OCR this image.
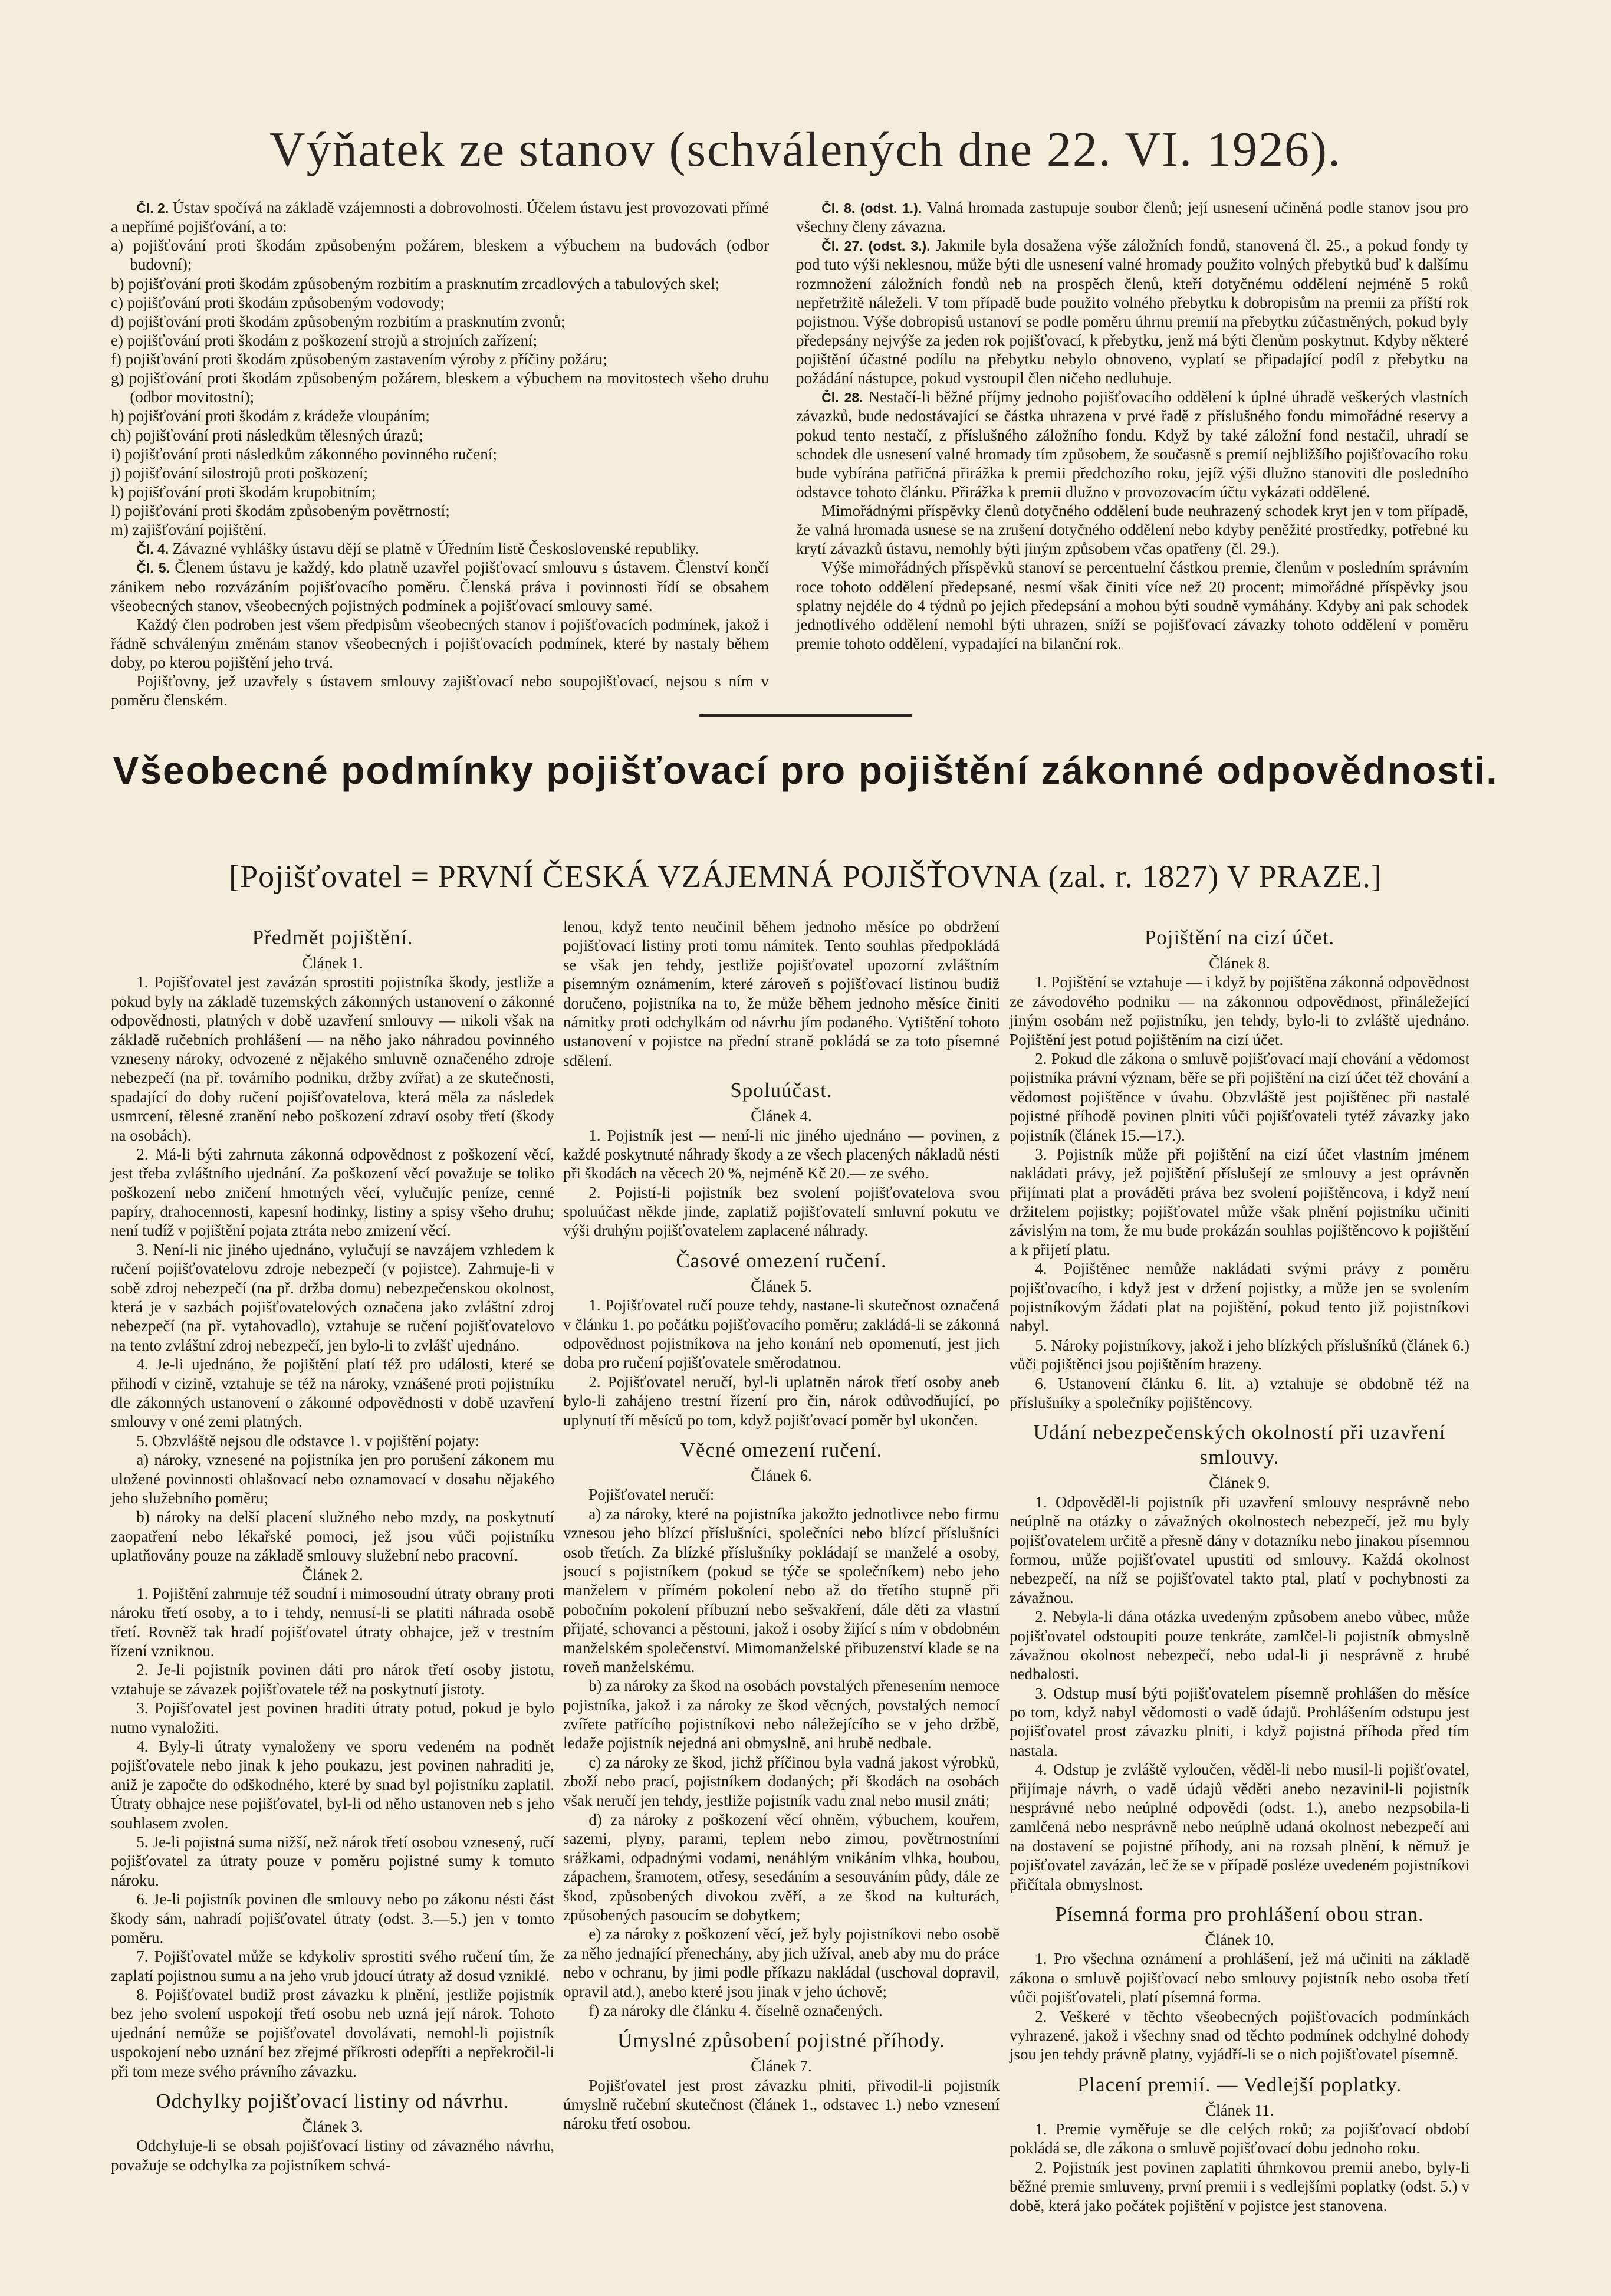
Výňatek ze stanov (schválených dne 22. VI. 1926).

Čl. 2. Ústav spočívá na základě vzájemnosti a dobrovolnosti. Účelem ústavu jest provozovati přímé a nepřímé pojišťování, a to:

a) pojišťování proti škodám způsobeným požárem, bleskem a výbuchem na budovách (odbor budovní);

b) pojišťování proti škodám způsobeným rozbitím a prasknutím zrcadlových a tabulových skel;

c) pojišťování proti škodám způsobeným vodovody;

d) pojišťování proti škodám způsobeným rozbitím a prasknutím zvonů;

e) pojišťování proti škodám z poškození strojů a strojních zařízení;

f) pojišťování proti škodám způsobeným zastavením výroby z příčiny požáru;

g) pojišťování proti škodám způsobeným požárem, bleskem a výbuchem na movitostech všeho druhu (odbor movitostní);

h) pojišťování proti škodám z krádeže vloupáním;

ch) pojišťování proti následkům tělesných úrazů;

i) pojišťování proti následkům zákonného povinného ručení;

j) pojišťování silostrojů proti poškození;

k) pojišťování proti škodám krupobitním;

l) pojišťování proti škodám způsobeným povětrností;

m) zajišťování pojištění.

Čl. 4. Závazné vyhlášky ústavu dějí se platně v Úředním listě Československé republiky.

Čl. 5. Členem ústavu je každý, kdo platně uzavřel pojišťovací smlouvu s ústavem. Členství končí zánikem nebo rozvázáním pojišťovacího poměru. Členská práva i povinnosti řídí se obsahem všeobecných stanov, všeobecných pojistných podmínek a pojišťovací smlouvy samé.

Každý člen podroben jest všem předpisům všeobecných stanov i pojišťovacích podmínek, jakož i řádně schváleným změnám stanov všeobecných i pojišťovacích podmínek, které by nastaly během doby, po kterou pojištění jeho trvá.

Pojišťovny, jež uzavřely s ústavem smlouvy zajišťovací nebo soupojišťovací, nejsou s ním v poměru členském.

Čl. 8. (odst. 1.). Valná hromada zastupuje soubor členů; její usnesení učiněná podle stanov jsou pro všechny členy závazna.

Čl. 27. (odst. 3.). Jakmile byla dosažena výše záložních fondů, stanovená čl. 25., a pokud fondy ty pod tuto výši neklesnou, může býti dle usnesení valné hromady použito volných přebytků buď k dalšímu rozmnožení záložních fondů neb na prospěch členů, kteří dotyčnému oddělení nejméně 5 roků nepřetržitě náleželi. V tom případě bude použito volného přebytku k dobropisům na premii za příští rok pojistnou. Výše dobropisů ustanoví se podle poměru úhrnu premií na přebytku zúčastněných, pokud byly předepsány nejvýše za jeden rok pojišťovací, k přebytku, jenž má býti členům poskytnut. Kdyby některé pojištění účastné podílu na přebytku nebylo obnoveno, vyplatí se připadající podíl z přebytku na požádání nástupce, pokud vystoupil člen ničeho nedluhuje.

Čl. 28. Nestačí-li běžné příjmy jednoho pojišťovacího oddělení k úplné úhradě veškerých vlastních závazků, bude nedostávající se částka uhrazena v prvé řadě z příslušného fondu mimořádné reservy a pokud tento nestačí, z příslušného záložního fondu. Když by také záložní fond nestačil, uhradí se schodek dle usnesení valné hromady tím způsobem, že současně s premií nejbližšího pojišťovacího roku bude vybírána patřičná přirážka k premii předchozího roku, jejíž výši dlužno stanoviti dle posledního odstavce tohoto článku. Přirážka k premii dlužno v provozovacím účtu vykázati oddělené.

Mimořádnými příspěvky členů dotyčného oddělení bude neuhrazený schodek kryt jen v tom případě, že valná hromada usnese se na zrušení dotyčného oddělení nebo kdyby peněžité prostředky, potřebné ku krytí závazků ústavu, nemohly býti jiným způsobem včas opatřeny (čl. 29.).

Výše mimořádných příspěvků stanoví se percentuelní částkou premie, členům v posledním správním roce tohoto oddělení předepsané, nesmí však činiti více než 20 procent; mimořádné příspěvky jsou splatny nejdéle do 4 týdnů po jejich předepsání a mohou býti soudně vymáhány. Kdyby ani pak schodek jednotlivého oddělení nemohl býti uhrazen, sníží se pojišťovací závazky tohoto oddělení v poměru premie tohoto oddělení, vypadající na bilanční rok.

Všeobecné podmínky pojišťovací pro pojištění zákonné odpovědnosti.
[Pojišťovatel = PRVNÍ ČESKÁ VZÁJEMNÁ POJIŠŤOVNA (zal. r. 1827) V PRAZE.]
Předmět pojištění.

Článek 1.

1. Pojišťovatel jest zavázán sprostiti pojistníka škody, jestliže a pokud byly na základě tuzemských zákonných ustanovení o zákonné odpovědnosti, platných v době uzavření smlouvy — nikoli však na základě ručebních prohlášení — na něho jako náhradou povinného vzneseny nároky, odvozené z nějakého smluvně označeného zdroje nebezpečí (na př. továrního podniku, držby zvířat) a ze skutečnosti, spadající do doby ručení pojišťovatelova, která měla za následek usmrcení, tělesné zranění nebo poškození zdraví osoby třetí (škody na osobách).

2. Má-li býti zahrnuta zákonná odpovědnost z poškození věcí, jest třeba zvláštního ujednání. Za poškození věcí považuje se toliko poškození nebo zničení hmotných věcí, vylučujíc peníze, cenné papíry, drahocennosti, kapesní hodinky, listiny a spisy všeho druhu; není tudíž v pojištění pojata ztráta nebo zmizení věcí.

3. Není-li nic jiného ujednáno, vylučují se navzájem vzhledem k ručení pojišťovatelovu zdroje nebezpečí (v pojistce). Zahrnuje-li v sobě zdroj nebezpečí (na př. držba domu) nebezpečenskou okolnost, která je v sazbách pojišťovatelových označena jako zvláštní zdroj nebezpečí (na př. vytahovadlo), vztahuje se ručení pojišťovatelovo na tento zvláštní zdroj nebezpečí, jen bylo-li to zvlášť ujednáno.

4. Je-li ujednáno, že pojištění platí též pro události, které se přihodí v cizině, vztahuje se též na nároky, vznášené proti pojistníku dle zákonných ustanovení o zákonné odpovědnosti v době uzavření smlouvy v oné zemi platných.

5. Obzvláště nejsou dle odstavce 1. v pojištění pojaty:

a) nároky, vznesené na pojistníka jen pro porušení zákonem mu uložené povinnosti ohlašovací nebo oznamovací v dosahu nějakého jeho služebního poměru;

b) nároky na delší placení služného nebo mzdy, na poskytnutí zaopatření nebo lékařské pomoci, jež jsou vůči pojistníku uplatňovány pouze na základě smlouvy služební nebo pracovní.

Článek 2.

1. Pojištění zahrnuje též soudní i mimosoudní útraty obrany proti nároku třetí osoby, a to i tehdy, nemusí-li se platiti náhrada osobě třetí. Rovněž tak hradí pojišťovatel útraty obhajce, jež v trestním řízení vzniknou.

2. Je-li pojistník povinen dáti pro nárok třetí osoby jistotu, vztahuje se závazek pojišťovatele též na poskytnutí jistoty.

3. Pojišťovatel jest povinen hraditi útraty potud, pokud je bylo nutno vynaložiti.

4. Byly-li útraty vynaloženy ve sporu vedeném na podnět pojišťovatele nebo jinak k jeho poukazu, jest povinen nahraditi je, aniž je započte do odškodného, které by snad byl pojistníku zaplatil. Útraty obhajce nese pojišťovatel, byl-li od něho ustanoven neb s jeho souhlasem zvolen.

5. Je-li pojistná suma nižší, než nárok třetí osobou vznesený, ručí pojišťovatel za útraty pouze v poměru pojistné sumy k tomuto nároku.

6. Je-li pojistník povinen dle smlouvy nebo po zákonu nésti část škody sám, nahradí pojišťovatel útraty (odst. 3.—5.) jen v tomto poměru.

7. Pojišťovatel může se kdykoliv sprostiti svého ručení tím, že zaplatí pojistnou sumu a na jeho vrub jdoucí útraty až dosud vzniklé.

8. Pojišťovatel budiž prost závazku k plnění, jestliže pojistník bez jeho svolení uspokojí třetí osobu neb uzná její nárok. Tohoto ujednání nemůže se pojišťovatel dovolávati, nemohl-li pojistník uspokojení nebo uznání bez zřejmé příkrosti odepříti a nepřekročil-li při tom meze svého právního závazku.

Odchylky pojišťovací listiny od návrhu.

Článek 3.

Odchyluje-li se obsah pojišťovací listiny od závazného návrhu, považuje se odchylka za pojistníkem schvá-

lenou, když tento neučinil během jednoho měsíce po obdržení pojišťovací listiny proti tomu námitek. Tento souhlas předpokládá se však jen tehdy, jestliže pojišťovatel upozorní zvláštním písemným oznámením, které zároveň s pojišťovací listinou budiž doručeno, pojistníka na to, že může během jednoho měsíce činiti námitky proti odchylkám od návrhu jím podaného. Vytištění tohoto ustanovení v pojistce na přední straně pokládá se za toto písemné sdělení.

Spoluúčast.

Článek 4.

1. Pojistník jest — není-li nic jiného ujednáno — povinen, z každé poskytnuté náhrady škody a ze všech placených nákladů nésti při škodách na věcech 20 %, nejméně Kč 20.— ze svého.

2. Pojistí-li pojistník bez svolení pojišťovatelova svou spoluúčast někde jinde, zaplatiž pojišťovatelí smluvní pokutu ve výši druhým pojišťovatelem zaplacené náhrady.

Časové omezení ručení.

Článek 5.

1. Pojišťovatel ručí pouze tehdy, nastane-li skutečnost označená v článku 1. po počátku pojišťovacího poměru; zakládá-li se zákonná odpovědnost pojistníkova na jeho konání neb opomenutí, jest jich doba pro ručení pojišťovatele směrodatnou.

2. Pojišťovatel neručí, byl-li uplatněn nárok třetí osoby aneb bylo-li zahájeno trestní řízení pro čin, nárok odůvodňující, po uplynutí tří měsíců po tom, když pojišťovací poměr byl ukončen.

Věcné omezení ručení.

Článek 6.

Pojišťovatel neručí:

a) za nároky, které na pojistníka jakožto jednotlivce nebo firmu vznesou jeho blízcí příslušníci, společníci nebo blízcí příslušníci osob třetích. Za blízké příslušníky pokládají se manželé a osoby, jsoucí s pojistníkem (pokud se týče se společníkem) nebo jeho manželem v přímém pokolení nebo až do třetího stupně při pobočním pokolení příbuzní nebo sešvakření, dále děti za vlastní přijaté, schovanci a pěstouni, jakož i osoby žijící s ním v obdobném manželském společenství. Mimomanželské přibuzenství klade se na roveň manželskému.

b) za nároky za škod na osobách povstalých přenesením nemoce pojistníka, jakož i za nároky ze škod věcných, povstalých nemocí zvířete patřícího pojistníkovi nebo náležejícího se v jeho držbě, ledaže pojistník nejedná ani obmyslně, ani hrubě nedbale.

c) za nároky ze škod, jichž příčinou byla vadná jakost výrobků, zboží nebo prací, pojistníkem dodaných; při škodách na osobách však neručí jen tehdy, jestliže pojistník vadu znal nebo musil znáti;

d) za nároky z poškození věcí ohněm, výbuchem, kouřem, sazemi, plyny, parami, teplem nebo zimou, povětrnostními srážkami, odpadnými vodami, nenáhlým vnikáním vlhka, houbou, zápachem, šramotem, otřesy, sesedáním a sesouváním půdy, dále ze škod, způsobených divokou zvěří, a ze škod na kulturách, způsobených pasoucím se dobytkem;

e) za nároky z poškození věcí, jež byly pojistníkovi nebo osobě za něho jednající přenechány, aby jich užíval, aneb aby mu do práce nebo v ochranu, by jimi podle příkazu nakládal (uschoval dopravil, opravil atd.), anebo které jsou jinak v jeho úchově;

f) za nároky dle článku 4. číselně označených.

Úmyslné způsobení pojistné příhody.

Článek 7.

Pojišťovatel jest prost závazku plniti, přivodil-li pojistník úmyslně ručební skutečnost (článek 1., odstavec 1.) nebo vznesení nároku třetí osobou.

Pojištění na cizí účet.

Článek 8.

1. Pojištění se vztahuje — i když by pojištěna zákonná odpovědnost ze závodového podniku — na zákonnou odpovědnost, přináležející jiným osobám než pojistníku, jen tehdy, bylo-li to zvláště ujednáno. Pojištění jest potud pojištěním na cizí účet.

2. Pokud dle zákona o smluvě pojišťovací mají chování a vědomost pojistníka právní význam, běře se při pojištění na cizí účet též chování a vědomost pojištěnce v úvahu. Obzvláště jest pojištěnec při nastalé pojistné příhodě povinen plniti vůči pojišťovateli tytéž závazky jako pojistník (článek 15.—17.).

3. Pojistník může při pojištění na cizí účet vlastním jménem nakládati právy, jež pojištění příslušejí ze smlouvy a jest oprávněn přijímati plat a prováděti práva bez svolení pojištěncova, i když není držitelem pojistky; pojišťovatel může však plnění pojistníku učiniti závislým na tom, že mu bude prokázán souhlas pojištěncovo k pojištění a k přijetí platu.

4. Pojištěnec nemůže nakládati svými právy z poměru pojišťovacího, i když jest v držení pojistky, a může jen se svolením pojistníkovým žádati plat na pojištění, pokud tento již pojistníkovi nabyl.

5. Nároky pojistníkovy, jakož i jeho blízkých příslušníků (článek 6.) vůči pojištěnci jsou pojištěním hrazeny.

6. Ustanovení článku 6. lit. a) vztahuje se obdobně též na příslušníky a společníky pojištěncovy.

Udání nebezpečenských okolností při uzavření smlouvy.

Článek 9.

1. Odpověděl-li pojistník při uzavření smlouvy nesprávně nebo neúplně na otázky o závažných okolnostech nebezpečí, jež mu byly pojišťovatelem určitě a přesně dány v dotazníku nebo jinakou písemnou formou, může pojišťovatel upustiti od smlouvy. Každá okolnost nebezpečí, na níž se pojišťovatel takto ptal, platí v pochybnosti za závažnou.

2. Nebyla-li dána otázka uvedeným způsobem anebo vůbec, může pojišťovatel odstoupiti pouze tenkráte, zamlčel-li pojistník obmyslně závažnou okolnost nebezpečí, nebo udal-li ji nesprávně z hrubé nedbalosti.

3. Odstup musí býti pojišťovatelem písemně prohlášen do měsíce po tom, když nabyl vědomosti o vadě údajů. Prohlášením odstupu jest pojišťovatel prost závazku plniti, i když pojistná příhoda před tím nastala.

4. Odstup je zvláště vyloučen, věděl-li nebo musil-li pojišťovatel, přijímaje návrh, o vadě údajů věděti anebo nezavinil-li pojistník nesprávné nebo neúplné odpovědi (odst. 1.), anebo nezpsobila-li zamlčená nebo nesprávně nebo neúplně udaná okolnost nebezpečí ani na dostavení se pojistné příhody, ani na rozsah plnění, k němuž je pojišťovatel zavázán, leč že se v případě posléze uvedeném pojistníkovi přičítala obmyslnost.

Písemná forma pro prohlášení obou stran.

Článek 10.

1. Pro všechna oznámení a prohlášení, jež má učiniti na základě zákona o smluvě pojišťovací nebo smlouvy pojistník nebo osoba třetí vůči pojišťovateli, platí písemná forma.

2. Veškeré v těchto všeobecných pojišťovacích podmínkách vyhrazené, jakož i všechny snad od těchto podmínek odchylné dohody jsou jen tehdy právně platny, vyjádří-li se o nich pojišťovatel písemně.

Placení premií. — Vedlejší poplatky.

Článek 11.

1. Premie vyměřuje se dle celých roků; za pojišťovací období pokládá se, dle zákona o smluvě pojišťovací dobu jednoho roku.

2. Pojistník jest povinen zaplatiti úhrnkovou premii anebo, byly-li běžné premie smluveny, první premii i s vedlejšími poplatky (odst. 5.) v době, která jako počátek pojištění v pojistce jest stanovena.
